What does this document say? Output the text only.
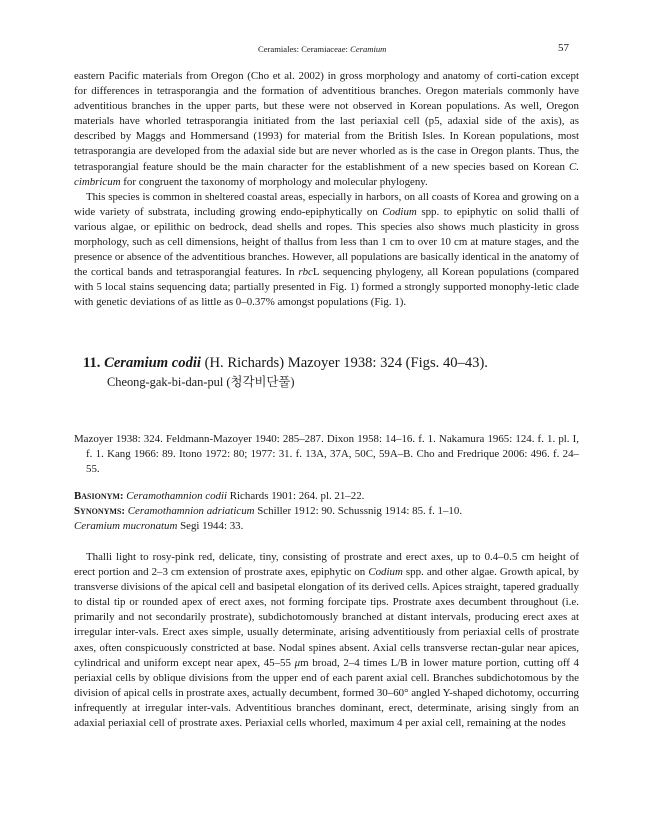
Ceramiales: Ceramiaceae: Ceramium	57

eastern Pacific materials from Oregon (Cho et al. 2002) in gross morphology and anatomy of corti-cation except for differences in tetrasporangia and the formation of adventitious branches. Oregon materials commonly have adventitious branches in the upper parts, but these were not observed in Korean populations. As well, Oregon materials have whorled tetrasporangia initiated from the last periaxial cell (p5, adaxial side of the axis), as described by Maggs and Hommersand (1993) for material from the British Isles. In Korean populations, most tetrasporangia are developed from the adaxial side but are never whorled as is the case in Oregon plants. Thus, the tetrasporangial feature should be the main character for the establishment of a new species based on Korean C. cimbricum for congruent the taxonomy of morphology and molecular phylogeny.

This species is common in sheltered coastal areas, especially in harbors, on all coasts of Korea and growing on a wide variety of substrata, including growing endo-epiphytically on Codium spp. to epiphytic on solid thalli of various algae, or epilithic on bedrock, dead shells and ropes. This species also shows much plasticity in gross morphology, such as cell dimensions, height of thallus from less than 1 cm to over 10 cm at mature stages, and the presence or absence of the adventitious branches. However, all populations are basically identical in the anatomy of the cortical bands and tetrasporangial features. In rbcL sequencing phylogeny, all Korean populations (compared with 5 local stains sequencing data; partially presented in Fig. 1) formed a strongly supported monophy-letic clade with genetic deviations of as little as 0–0.37% amongst populations (Fig. 1).

11. Ceramium codii (H. Richards) Mazoyer 1938: 324 (Figs. 40–43).
Cheong-gak-bi-dan-pul (청각비단풀)

Mazoyer 1938: 324. Feldmann-Mazoyer 1940: 285–287. Dixon 1958: 14–16. f. 1. Nakamura 1965: 124. f. 1. pl. I, f. 1. Kang 1966: 89. Itono 1972: 80; 1977: 31. f. 13A, 37A, 50C, 59A–B. Cho and Fredrique 2006: 496. f. 24–55.

Basionym: Ceramothamnion codii Richards 1901: 264. pl. 21–22.

Synonyms: Ceramothamnion adriaticum Schiller 1912: 90. Schussnig 1914: 85. f. 1–10.

Ceramium mucronatum Segi 1944: 33.

Thalli light to rosy-pink red, delicate, tiny, consisting of prostrate and erect axes, up to 0.4–0.5 cm height of erect portion and 2–3 cm extension of prostrate axes, epiphytic on Codium spp. and other algae. Growth apical, by transverse divisions of the apical cell and basipetal elongation of its derived cells. Apices straight, tapered gradually to distal tip or rounded apex of erect axes, not forming forcipate tips. Prostrate axes decumbent throughout (i.e. primarily and not secondarily prostrate), subdichotomously branched at distant intervals, producing erect axes at irregular inter-vals. Erect axes simple, usually determinate, arising adventitiously from periaxial cells of prostrate axes, often conspicuously constricted at base. Nodal spines absent. Axial cells transverse rectan-gular near apices, cylindrical and uniform except near apex, 45–55 μm broad, 2–4 times L/B in lower mature portion, cutting off 4 periaxial cells by oblique divisions from the upper end of each parent axial cell. Branches subdichotomous by the division of apical cells in prostrate axes, actually decumbent, formed 30–60° angled Y-shaped dichotomy, occurring infrequently at irregular inter-vals. Adventitious branches dominant, erect, determinate, arising singly from an adaxial periaxial cell of prostrate axes. Periaxial cells whorled, maximum 4 per axial cell, remaining at the nodes
